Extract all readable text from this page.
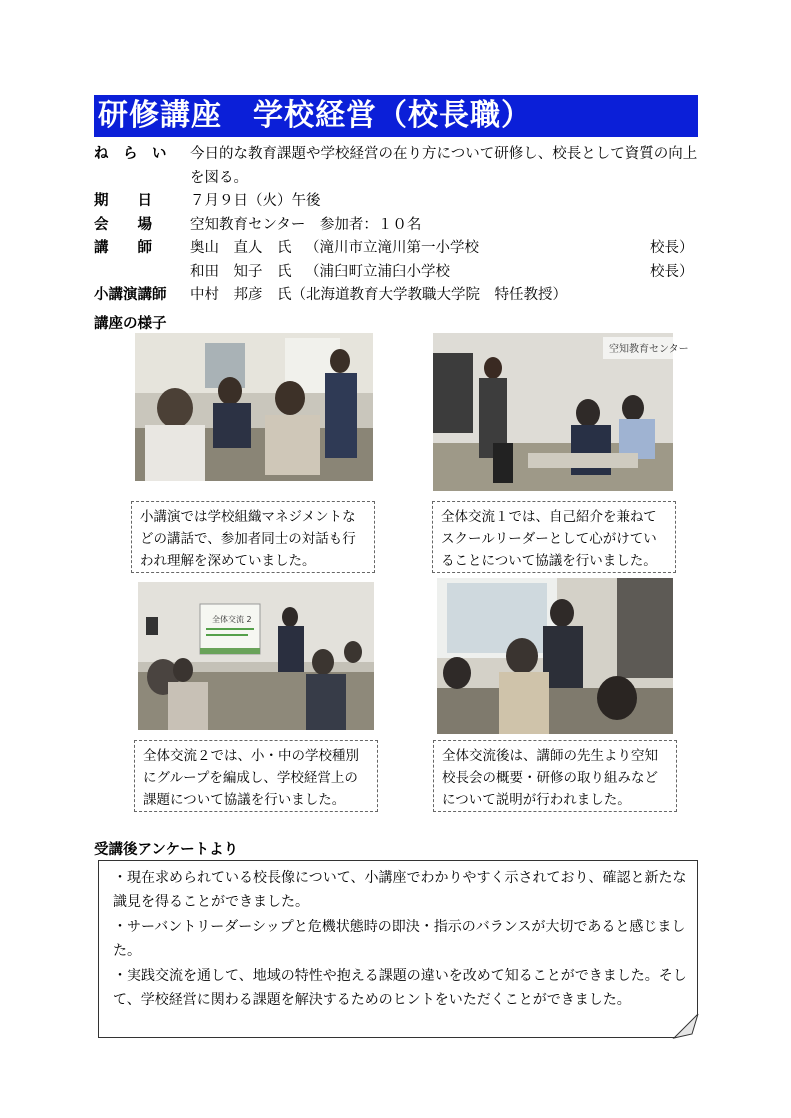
研修講座　学校経営（校長職）
ね　ら　い	今日的な教育課題や学校経営の在り方について研修し、校長として資質の向上を図る。
期　　日	７月９日（火）午後
会　　場	空知教育センター　参加者：１０名
講　　師	奥山　直人　氏 （滝川市立滝川第一小学校	校長）
和田　知子　氏 （浦臼町立浦臼小学校	校長）
小講演講師	中村　邦彦　氏（北海道教育大学教職大学院　特任教授）
講座の様子
空知教育センター
小講演では学校組織マネジメントなどの講話で、参加者同士の対話も行われ理解を深めていました。
全体交流１では、自己紹介を兼ねてスクールリーダーとして心がけていることについて協議を行いました。
全体交流 2
全体交流２では、小・中の学校種別にグループを編成し、学校経営上の課題について協議を行いました。
全体交流後は、講師の先生より空知校長会の概要・研修の取り組みなどについて説明が行われました。
受講後アンケートより

・現在求められている校長像について、小講座でわかりやすく示されており、確認と新たな識見を得ることができました。

・サーバントリーダーシップと危機状態時の即決・指示のバランスが大切であると感じました。

・実践交流を通して、地域の特性や抱える課題の違いを改めて知ることができました。そして、学校経営に関わる課題を解決するためのヒントをいただくことができました。
